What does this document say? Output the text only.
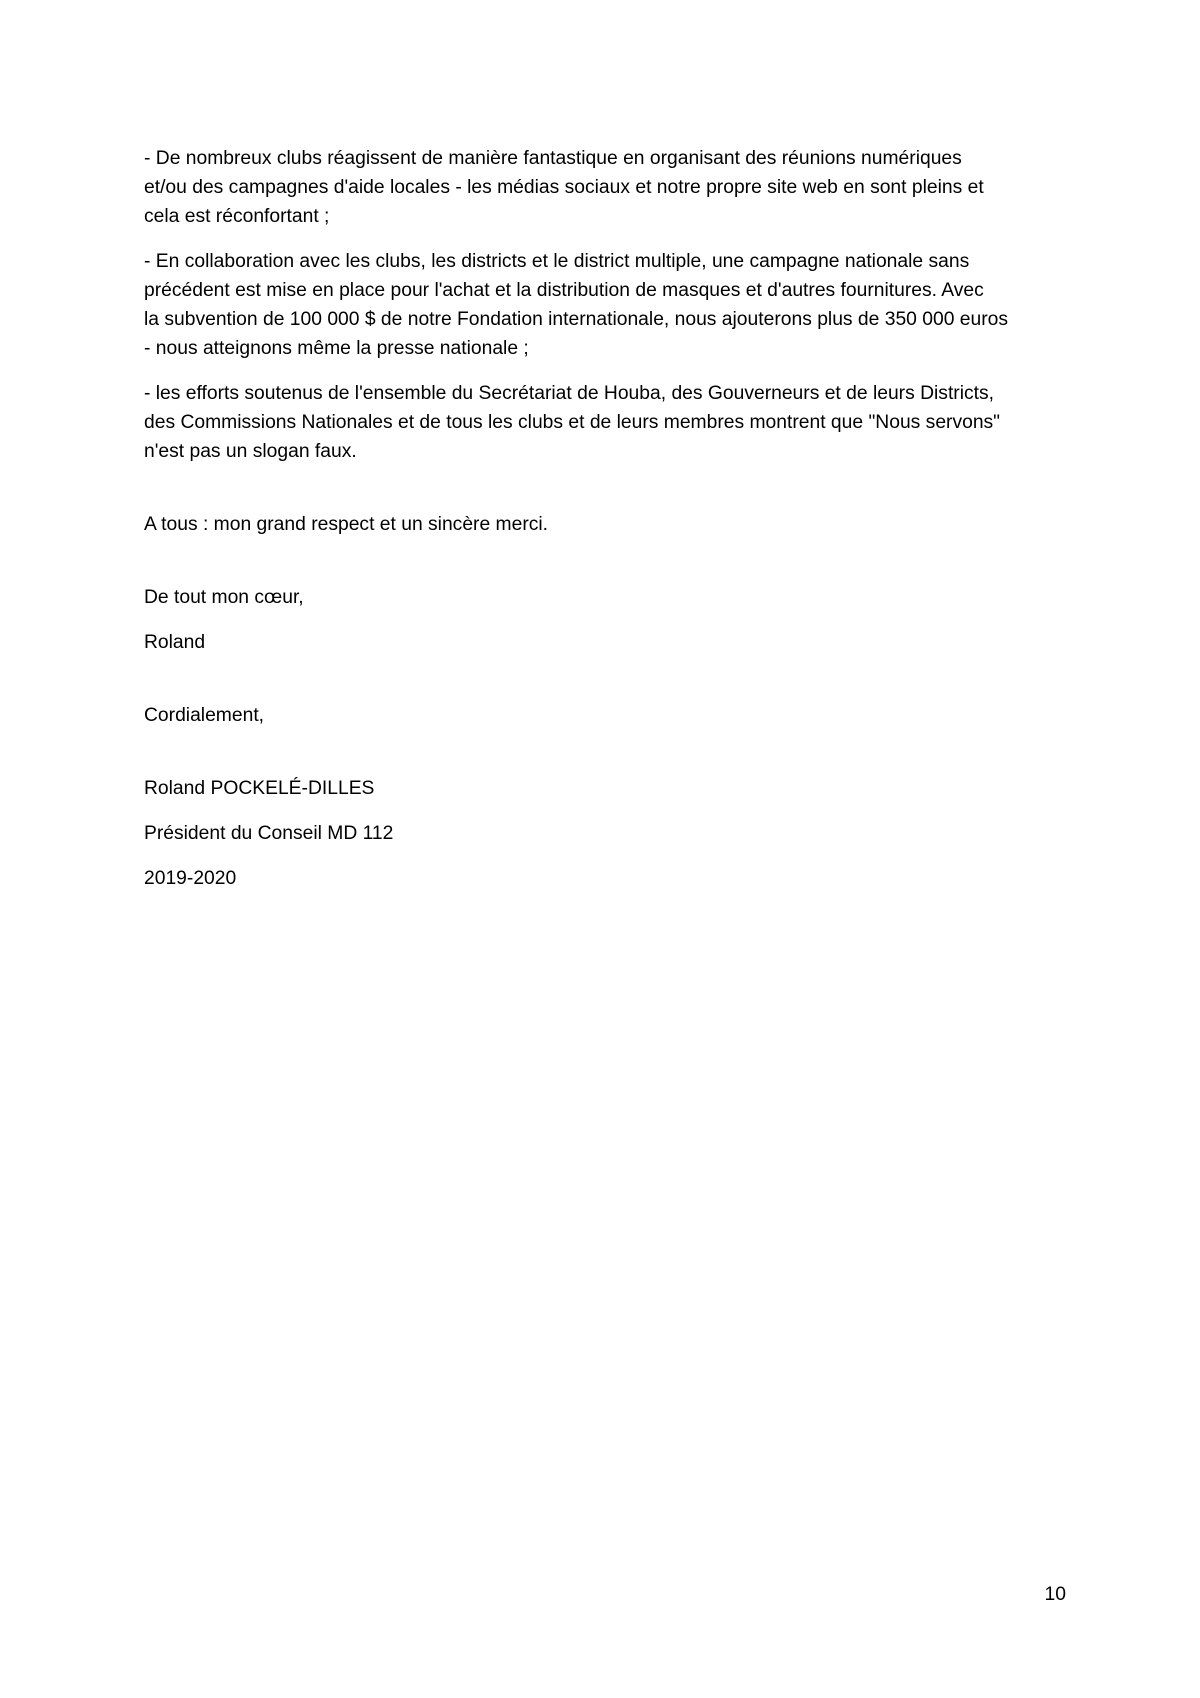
- De nombreux clubs réagissent de manière fantastique en organisant des réunions numériques
et/ou des campagnes d'aide locales - les médias sociaux et notre propre site web en sont pleins et
cela est réconfortant ;
- En collaboration avec les clubs, les districts et le district multiple, une campagne nationale sans
précédent est mise en place pour l'achat et la distribution de masques et d'autres fournitures. Avec
la subvention de 100 000 $ de notre Fondation internationale, nous ajouterons plus de 350 000 euros
- nous atteignons même la presse nationale ;
- les efforts soutenus de l'ensemble du Secrétariat de Houba, des Gouverneurs et de leurs Districts,
des Commissions Nationales et de tous les clubs et de leurs membres montrent que "Nous servons"
n'est pas un slogan faux.
A tous : mon grand respect et un sincère merci.
De tout mon cœur,
Roland
Cordialement,
Roland POCKELÉ-DILLES
Président du Conseil MD 112
2019-2020
10
